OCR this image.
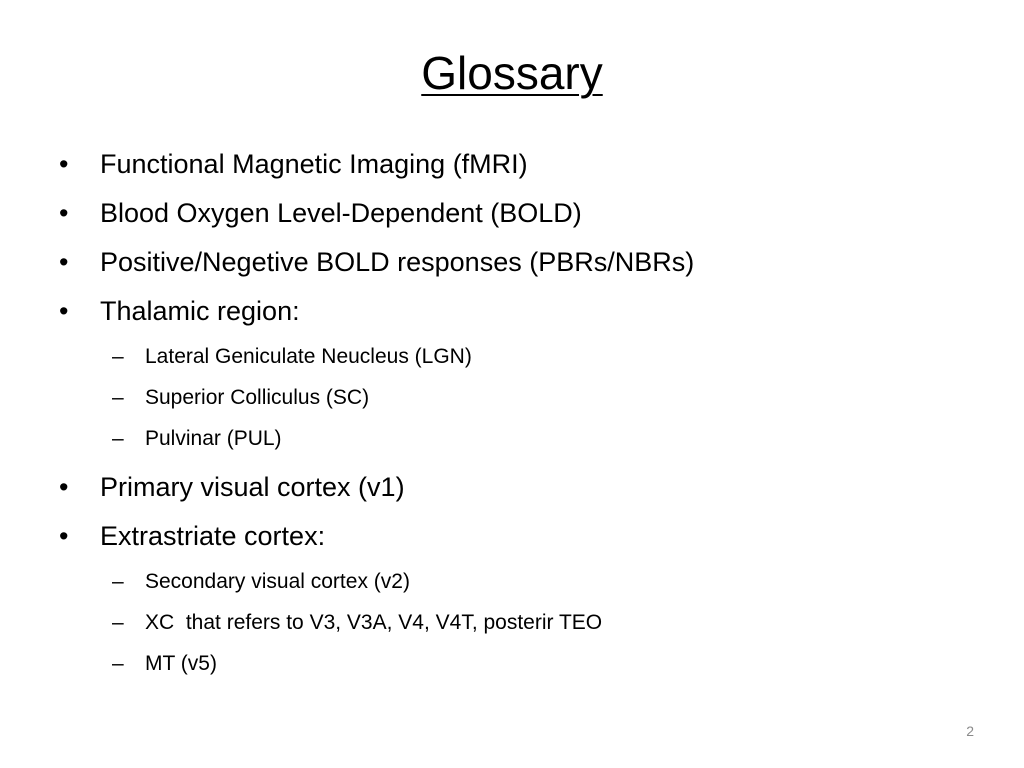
Glossary
• Functional Magnetic Imaging (fMRI)
• Blood Oxygen Level-Dependent (BOLD)
• Positive/Negetive BOLD responses (PBRs/NBRs)
• Thalamic region:
– Lateral Geniculate Neucleus (LGN)
– Superior Colliculus (SC)
– Pulvinar (PUL)
• Primary visual cortex (v1)
• Extrastriate cortex:
– Secondary visual cortex (v2)
– XC  that refers to V3, V3A, V4, V4T, posterir TEO
– MT (v5)
2
